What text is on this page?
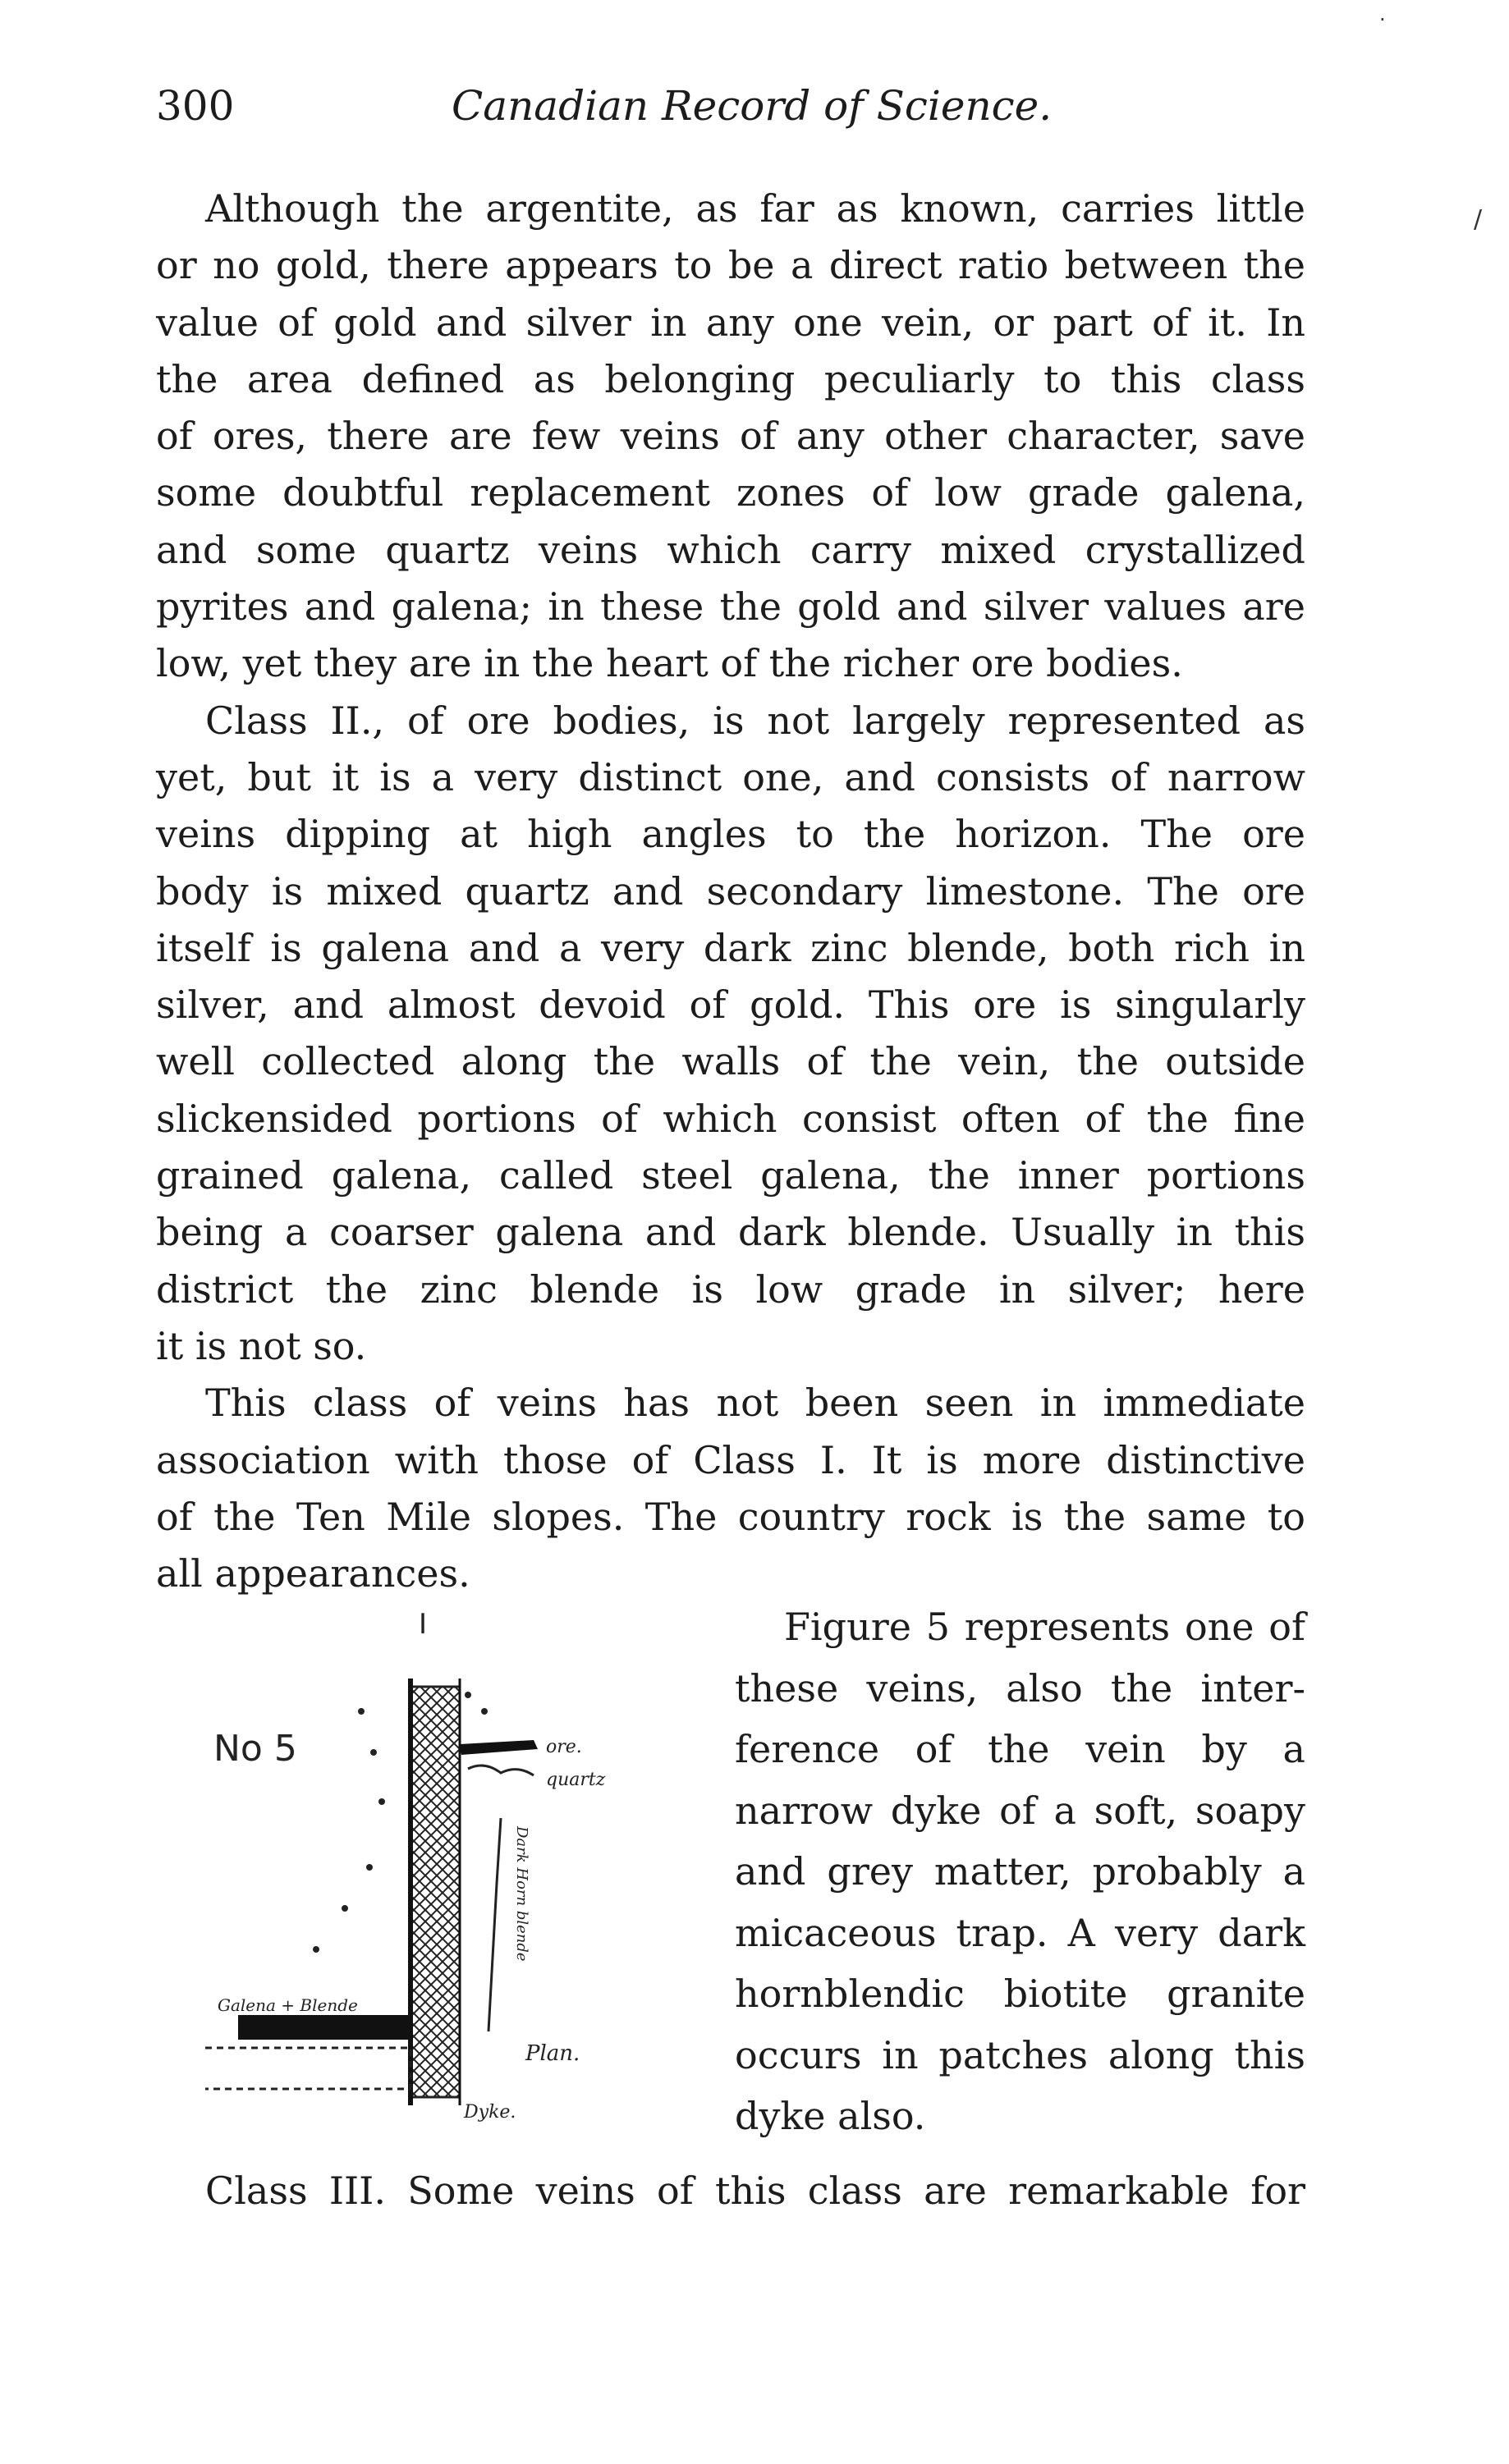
300	Canadian Record of Science.
Although the argentite, as far as known, carries little
or no gold, there appears to be a direct ratio between the
value of gold and silver in any one vein, or part of it. In
the area defined as belonging peculiarly to this class
of ores, there are few veins of any other character, save
some doubtful replacement zones of low grade galena,
and some quartz veins which carry mixed crystallized
pyrites and galena; in these the gold and silver values are
low, yet they are in the heart of the richer ore bodies.
Class II., of ore bodies, is not largely represented as
yet, but it is a very distinct one, and consists of narrow
veins dipping at high angles to the horizon. The ore
body is mixed quartz and secondary limestone. The ore
itself is galena and a very dark zinc blende, both rich in
silver, and almost devoid of gold. This ore is singularly
well collected along the walls of the vein, the outside
slickensided portions of which consist often of the fine
grained galena, called steel galena, the inner portions
being a coarser galena and dark blende. Usually in this
district the zinc blende is low grade in silver; here
it is not so.
This class of veins has not been seen in immediate
association with those of Class I. It is more distinctive
of the Ten Mile slopes. The country rock is the same to
all appearances.
No 5
I
ore.
quartz
Galena + Blende
Dark Horn blende
Plan.
Dyke.
Figure 5 represents one of
these veins, also the inter-
ference of the vein by a
narrow dyke of a soft, soapy
and grey matter, probably a
micaceous trap. A very dark
hornblendic biotite granite
occurs in patches along this
dyke also.
Class III. Some veins of this class are remarkable for
/
·
